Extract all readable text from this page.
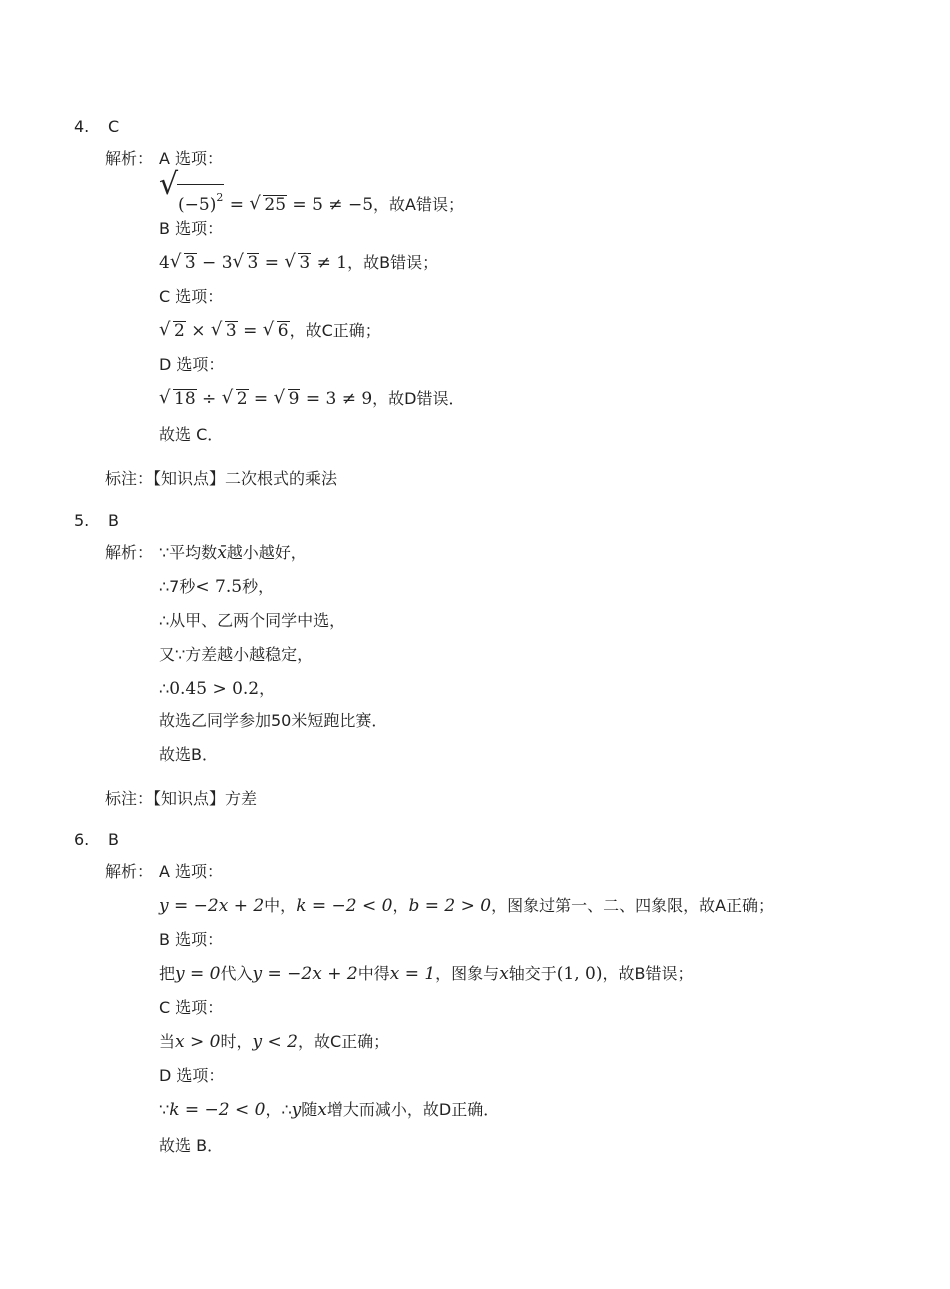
4. C
解析： A 选项：
√ $(-5)^2$ = √ 25 = 5 ≠ −5，故A错误；
B 选项：
4 √ 3 − 3 √ 3 = √ 3 ≠ 1，故B错误；
C 选项：
√ 2 × √ 3 = √ 6，故C正确；
D 选项：
√ 18 ÷ √ 2 = √ 9 = 3 ≠ 9，故D错误．
故选 C．
标注：【知识点】二次根式的乘法
5. B
解析： ∵平均数x̄越小越好，
∴7秒< 7.5秒，
∴从甲、乙两个同学中选，
又∵方差越小越稳定，
∴0.45 > 0.2，
故选乙同学参加50米短跑比赛．
故选B．
标注：【知识点】方差
6. B
解析： A 选项：
y = −2x + 2中，k = −2 < 0，b = 2 > 0，图象过第一、二、四象限，故A正确；
B 选项：
把y = 0代入y = −2x + 2中得x = 1，图象与x轴交于(1, 0)，故B错误；
C 选项：
当x > 0时，y < 2，故C正确；
D 选项：
∵k = −2 < 0，∴y随x增大而减小，故D正确．
故选 B．
